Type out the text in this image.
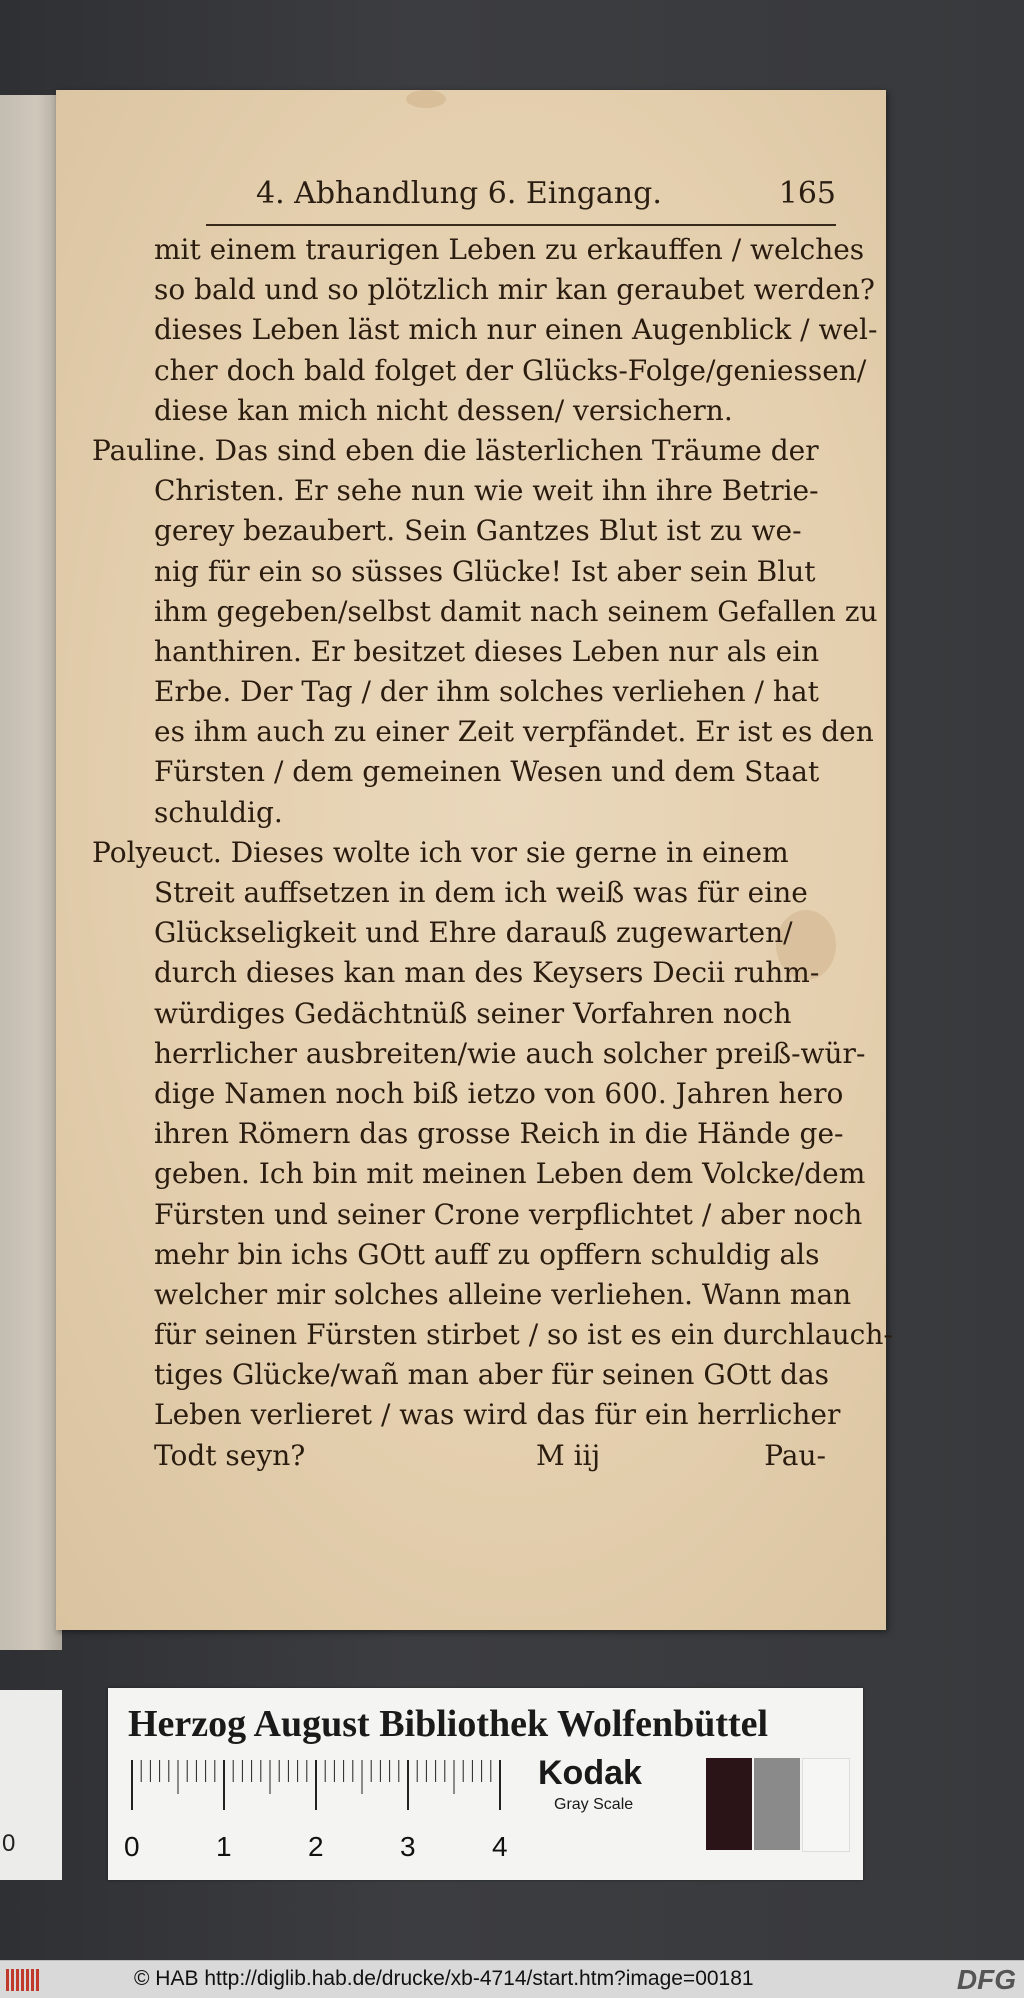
4. Abhandlung 6. Eingang.	165
mit einem traurigen Leben zu erkauffen / welches
so bald und so plötzlich mir kan geraubet werden?
dieses Leben läst mich nur einen Augenblick / wel-
cher doch bald folget der Glücks-Folge/geniessen/
diese kan mich nicht dessen/ versichern.
Pauline. Das sind eben die lästerlichen Träume der
Christen. Er sehe nun wie weit ihn ihre Betrie-
gerey bezaubert. Sein Gantzes Blut ist zu we-
nig für ein so süsses Glücke! Ist aber sein Blut
ihm gegeben/selbst damit nach seinem Gefallen zu
hanthiren. Er besitzet dieses Leben nur als ein
Erbe. Der Tag / der ihm solches verliehen / hat
es ihm auch zu einer Zeit verpfändet. Er ist es den
Fürsten / dem gemeinen Wesen und dem Staat
schuldig.
Polyeuct. Dieses wolte ich vor sie gerne in einem
Streit auffsetzen in dem ich weiß was für eine
Glückseligkeit und Ehre darauß zugewarten/
durch dieses kan man des Keysers Decii ruhm-
würdiges Gedächtnüß seiner Vorfahren noch
herrlicher ausbreiten/wie auch solcher preiß-wür-
dige Namen noch biß ietzo von 600. Jahren hero
ihren Römern das grosse Reich in die Hände ge-
geben. Ich bin mit meinen Leben dem Volcke/dem
Fürsten und seiner Crone verpflichtet / aber noch
mehr bin ichs GOtt auff zu opffern schuldig als
welcher mir solches alleine verliehen. Wann man
für seinen Fürsten stirbet / so ist es ein durchlauch-
tiges Glücke/wañ man aber für seinen GOtt das
Leben verlieret / was wird das für ein herrlicher
Todt seyn?	M iij	Pau-
0
Herzog August Bibliothek Wolfenbüttel
0	1	2	3	4
Kodak
Gray Scale
© HAB http://diglib.hab.de/drucke/xb-4714/start.htm?image=00181	DFG
